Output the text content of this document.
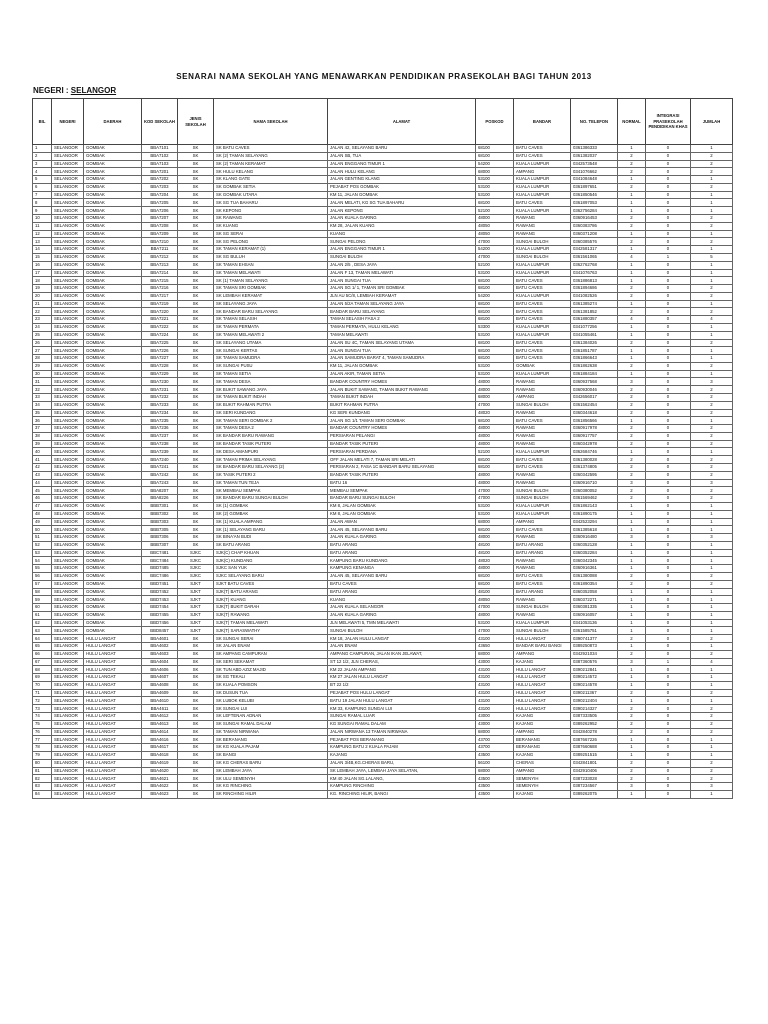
SENARAI NAMA SEKOLAH YANG MENAWARKAN PENDIDIKAN PRASEKOLAH BAGI TAHUN 2013
NEGERI : SELANGOR
BIL	NEGERI	DAERAH	KOD SEKOLAH	JENIS SEKOLAH	NAMA SEKOLAH	ALAMAT	POSKOD	BANDAR	NO. TELEFON	NORMAL	INTEGRASI PRASEKOLAH PENDIDIKAN KHAS	JUMLAH
1	SELANGOR	GOMBAK	BBA7101	SK	SK BATU CAVES	JALAN 42, SELAYANG BARU	68100	BATU CAVES	0361386333	1	0	1
2	SELANGOR	GOMBAK	BBA7102	SK	SK (2) TAMAN SELAYANG	JALAN SB, TUA	68100	BATU CAVES	0361382037	2	0	2
3	SELANGOR	GOMBAK	BBA7103	SK	SK (2) TAMAN KERAMAT	JALAN ENGGANG TIMUR 1	54200	KUALA LUMPUR	0342573548	2	0	2
4	SELANGOR	GOMBAK	BBA7201	SK	SK HULU KELANG	JALAN HULU KELANG	68000	AMPANG	0341076662	2	0	2
5	SELANGOR	GOMBAK	BBA7202	SK	SK KLANG GATE	JALAN GENTING KLANG	53100	KUALA LUMPUR	0341084648	1	0	1
6	SELANGOR	GOMBAK	BBA7203	SK	SK GOMBAK SETIA	PEJABAT POS GOMBAK	53100	KUALA LUMPUR	0361897651	2	0	2
7	SELANGOR	GOMBAK	BBA7204	SK	SK GOMBAK UTARA	KM 11, JALAN GOMBAK	53100	KUALA LUMPUR	0361850546	1	0	1
8	SELANGOR	GOMBAK	BBA7205	SK	SK SG TUA BAHARU	JALAN MELATI, KG SG TUA BAHARU	68100	BATU CAVES	0361897053	1	0	1
9	SELANGOR	GOMBAK	BBA7206	SK	SK KEPONG	JALAN KEPONG	52100	KUALA LUMPUR	0362756284	1	0	1
10	SELANGOR	GOMBAK	BBA7207	SK	SK RAWANG	JALAN KUALA GARING	48000	RAWANG	0360916453	2	0	2
11	SELANGOR	GOMBAK	BBA7208	SK	SK KUANG	KM 28, JALAN KUANG	48050	RAWANG	0360383786	2	0	2
12	SELANGOR	GOMBAK	BBA7209	SK	SK SG SERAI	KUANG	48050	RAWANG	0360371208	1	0	1
13	SELANGOR	GOMBAK	BBA7210	SK	SK SG PELONG	SUNGAI PELONG	47000	SUNGAI BULOH	0360385576	2	0	2
14	SELANGOR	GOMBAK	BBA7211	SK	SK TAMAN KERAMAT (1)	JALAN ENGGANG TIMUR 1	54200	KUALA LUMPUR	0342581317	1	0	1
15	SELANGOR	GOMBAK	BBA7212	SK	SK SG BULUH	SUNGAI BULOH	47000	SUNGAI BULOH	0361561065	4	1	5
16	SELANGOR	GOMBAK	BBA7213	SK	SK TAMAN EHSAN	JALAN 2/5 , DESA JAYA	52100	KUALA LUMPUR	0362762768	1	0	1
17	SELANGOR	GOMBAK	BBA7214	SK	SK TAMAN MELAWATI	JALAN F 13, TAMAN MELAWATI	53100	KUALA LUMPUR	0341076763	1	0	1
18	SELANGOR	GOMBAK	BBA7215	SK	SK (1) TAMAN SELAYANG	JALAN SUNGAI TUA	68100	BATU CAVES	0361886813	1	0	1
19	SELANGOR	GOMBAK	BBA7216	SK	SK TAMAN SRI GOMBAK	JALAN SG 1/ 1, TAMAN SRI GOMBAK	68100	BATU CAVES	0361894686	2	0	2
20	SELANGOR	GOMBAK	BBA7217	SK	SK LEMBAH KERAMAT	JLN AU 5C/8, LEMBAH KERAMAT	54200	KUALA LUMPUR	0341082526	2	0	2
21	SELANGOR	GOMBAK	BBA7219	SK	SK SELAYANG JAYA	JALAN 5/2A TAMAN SELAYANG JAYA	68100	BATU CAVES	0361385274	1	0	1
22	SELANGOR	GOMBAK	BBA7220	SK	SK BANDAR BARU SELAYANG	BANDAR BARU SELAYANG	68100	BATU CAVES	0361381852	2	0	2
23	SELANGOR	GOMBAK	BBA7221	SK	SK TAMAN SELASIH	TAMAN SELASIH FASA 2	68100	BATU CAVES	0361880357	4	0	4
24	SELANGOR	GOMBAK	BBA7222	SK	SK TAMAN PERMATA	TAMAN PERMATA, HULU KELANG	53300	KUALA LUMPUR	0341077256	1	0	1
25	SELANGOR	GOMBAK	BBA7224	SK	SK TAMAN MELAWATI 2	TAMAN MELAWATI	53100	KUALA LUMPUR	0341055461	1	0	1
26	SELANGOR	GOMBAK	BBA7225	SK	SK SELAYANG UTAMA	JALAN SU 4C, TAMAN SELAYANG UTAMA	68100	BATU CAVES	0361384026	2	0	2
27	SELANGOR	GOMBAK	BBA7226	SK	SK SUNGAI KERTAS	JALAN SUNGAI TUA	68100	BATU CAVES	0361851787	1	0	1
28	SELANGOR	GOMBAK	BBA7227	SK	SK TAMAN SAMUDRA	JALAN SAMUDRA BARAT 4, TAMAN SAMUDRA	68100	BATU CAVES	0361866643	1	0	1
29	SELANGOR	GOMBAK	BBA7228	SK	SK SUNGAI PUSU	KM 11, JALAN GOMBAK	53100	GOMBAK	0361862638	2	0	2
30	SELANGOR	GOMBAK	BBA7229	SK	SK TAMAN SETIA	JALAN AKIR, TAMAN SETIA	53100	KUALA LUMPUR	0361884184	1	0	1
31	SELANGOR	GOMBAK	BBA7230	SK	SK TAMAN DESA	BANDAR COUNTRY HOMES	48000	RAWANG	0360937568	3	0	3
32	SELANGOR	GOMBAK	BBA7231	SK	SK BUKIT SAWANG JAYA	JALAN BUKIT SAWANG, TAMAN BUKIT RAWANG	48000	RAWANG	0360930046	2	0	2
33	SELANGOR	GOMBAK	BBA7232	SK	SK TAMAN BUKIT INDAH	TAMAN BUKIT INDAH	68000	AMPANG	0342656017	2	0	2
34	SELANGOR	GOMBAK	BBA7233	SK	SK BUKIT RAHMAN PUTRA	BUKIT RAHMAN PUTRA	47000	SUNGAI BULOH	0361562454	2	0	2
35	SELANGOR	GOMBAK	BBA7234	SK	SK SERI KUNDANG	KG SERI KUNDANG	48020	RAWANG	0360344618	2	0	2
36	SELANGOR	GOMBAK	BBA7235	SK	SK TAMAN SERI GOMBAK 2	JALAN SG 1/1 TAMAN SERI GOMBAK	68100	BATU CAVES	0361856566	1	0	1
37	SELANGOR	GOMBAK	BBA7236	SK	SK TAMAN DESA 2	BANDAR COUNTRY HOMES	48000	RAWANG	0360917978	2	0	2
38	SELANGOR	GOMBAK	BBA7237	SK	SK BANDAR BARU RAWANG	PERSIARAN PELANGI	48000	RAWANG	0360917757	2	0	2
39	SELANGOR	GOMBAK	BBA7238	SK	SK BANDAR TASIK PUTERI	BANDAR TASIK PUTERI	48000	RAWANG	0360342978	2	0	2
40	SELANGOR	GOMBAK	BBA7239	SK	SK DESA AMANPURI	PERSIARAN PERDANA	52100	KUALA LUMPUR	0362684746	1	0	1
41	SELANGOR	GOMBAK	BBA7240	SK	SK TAMAN PRIMA SELAYANG	OFF JALAN MELATI 7, TAMAN SRI MELATI	68100	BATU CAVES	0361380028	2	0	2
42	SELANGOR	GOMBAK	BBA7241	SK	SK BANDAR BARU SELAYANG (2)	PERSIARAN 2, FASA 1C BANDAR BARU SELAYANG	68100	BATU CAVES	0361374805	2	0	2
43	SELANGOR	GOMBAK	BBA7242	SK	SK TASIK PUTERI 2	BANDAR TASIK PUTERI	48000	RAWANG	0360342595	2	0	2
44	SELANGOR	GOMBAK	BBA7243	SK	SK TAMAN TUN TEJA	BATU 16	48000	RAWANG	0360916710	3	0	3
45	SELANGOR	GOMBAK	BBA8207	SK	SK MEMBAU SEMPAK	MEMBAU SEMPAK	47000	SUNGAI BULOH	0360380052	2	0	2
46	SELANGOR	GOMBAK	BBA8226	SK	SK BANDAR BARU SUNGAI BULOH	BANDAR BARU SUNGAI BULOH	47000	SUNGAI BULOH	0361569462	2	0	2
47	SELANGOR	GOMBAK	BBB7301	SK	SK (1) GOMBAK	KM 8, JALAN GOMBAK	53100	KUALA LUMPUR	0361862143	1	0	1
48	SELANGOR	GOMBAK	BBB7302	SK	SK (2) GOMBAK	KM 8, JALAN GOMBAK	53100	KUALA LUMPUR	0361890175	1	0	1
49	SELANGOR	GOMBAK	BBB7303	SK	SK (1) KUALA AMPANG	JALAN AWAN	68000	AMPANG	0342523294	1	0	1
50	SELANGOR	GOMBAK	BBB7305	SK	SK (1) SELAYANG BARU	JALAN 45, SELAYANG BARU	68100	BATU CAVES	0361385618	1	0	1
51	SELANGOR	GOMBAK	BBB7306	SK	SK BINA'AN BUDI	JALAN KUALA GARING	48000	RAWANG	0360916480	3	0	3
52	SELANGOR	GOMBAK	BBB7307	SK	SK BATU ARANG	BATU ARANG	48100	BATU ARANG	0360352128	1	0	1
53	SELANGOR	GOMBAK	BBC7481	SJKC	SJK(C) CHAP KHUAN	BATU ARANG	48100	BATU ARANG	0360352284	1	0	1
54	SELANGOR	GOMBAK	BBC7484	SJKC	SJK(C) KUNDANG	KAMPUNG BARU KUNDANG	48020	RAWANG	0360342345	1	0	1
55	SELANGOR	GOMBAK	BBD7485	SJKC	SJKC SAN YUK	KAMPUNG KENANGA	48000	RAWANG	0360916361	1	0	1
56	SELANGOR	GOMBAK	BBC7486	SJKC	SJKC SELAYANG BARU	JALAN 45, SELAYANG BARU	68100	BATU CAVES	0361380088	2	0	2
57	SELANGOR	GOMBAK	BBD7451	SJKT	SJKT BATU CAVES	BATU CAVES	68100	BATU CAVES	0361890354	2	0	2
58	SELANGOR	GOMBAK	BBD7452	SJKT	SJK(T) BATU ARANG	BATU ARANG	48100	BATU ARANG	0360352058	1	0	1
59	SELANGOR	GOMBAK	BBD7453	SJKT	SJK(T) KUANG	KUANG	48050	RAWANG	0360372271	1	0	1
60	SELANGOR	GOMBAK	BBD7454	SJKT	SJK(T) BUKIT DARAH	JALAN KUALA SELANGOR	47000	SUNGAI BULOH	0360381335	1	0	1
61	SELANGOR	GOMBAK	BBD7455	SJKT	SJK(T) RAWANG	JALAN KUALA GARING	48000	RAWANG	0360916057	1	0	1
62	SELANGOR	GOMBAK	BBD7456	SJKT	SJK(T) TAMAN MELAWATI	JLN MELAWATI 5, TMN MELAWATI	53100	KUALA LUMPUR	0341053136	1	0	1
63	SELANGOR	GOMBAK	BBD8457	SJKT	SJK(T) SARASWATHY	SUNGAI BULOH	47000	SUNGAI BULOH	0361585751	1	0	1
64	SELANGOR	HULU LANGAT	BBA4601	SK	SK SUNGAI SERAI	KM 18, JALAN HULU LANGAT	43100	HULU LANGAT	0390741377	2	0	2
65	SELANGOR	HULU LANGAT	BBA4602	SK	SK JALAN ENAM	JALAN ENAM	43650	BANDAR BARU BANGI	0389250873	1	0	1
66	SELANGOR	HULU LANGAT	BBA4603	SK	SK AMPANG CAMPURAN	AMPANG CAMPURAN, JALAN IKAN JELAWAT,	68000	AMPANG	0342921034	2	0	2
67	SELANGOR	HULU LANGAT	BBA4604	SK	SK SERI SEKAMAT	ST 12 1/2, JLN CHERAS,	43000	KAJANG	0387360576	3	1	4
68	SELANGOR	HULU LANGAT	BBA4606	SK	SK TUN ABD AZIZ MAJID	KM 22 JALAN AMPANG	43100	HULU LANGAT	0390212841	1	0	1
69	SELANGOR	HULU LANGAT	BBA4607	SK	SK SG TEKALI	KM 27 JALAN HULU LANGAT	43100	HULU LANGAT	0390214572	1	0	1
70	SELANGOR	HULU LANGAT	BBA4608	SK	SK KUALA POMSON	BT 22 1/2	43100	HULU LANGAT	0390214578	1	0	1
71	SELANGOR	HULU LANGAT	BBA4609	SK	SK DUSUN TUA	PEJABAT POS HULU LANGAT	43100	HULU LANGAT	0390211367	2	0	2
72	SELANGOR	HULU LANGAT	BBA4610	SK	SK LUBOK KELUBI	BATU 19 JALAN HULU LANGAT	43100	HULU LANGAT	0390212404	1	0	1
73	SELANGOR	HULU LANGAT	BBA4611	SK	SK SUNGAI LUI	KM 33, KAMPUNG SUNGAI LUI	43100	HULU LANGAT	0390214327	2	0	2
74	SELANGOR	HULU LANGAT	BBA4612	SK	SK LEFTENAN ADNAN	SUNGAI RAMAL LUAR	43000	KAJANG	0387333505	2	0	2
75	SELANGOR	HULU LANGAT	BBA4613	SK	SK SUNGAI RAMAL DALAM	KG SUNGAI RAMAL DALAM	43000	KAJANG	0389262952	2	0	2
76	SELANGOR	HULU LANGAT	BBA4614	SK	SK TAMAN NIRWANA	JALAN NIRWANA 13 TAMAN NIRWANA	68000	AMPANG	0342840278	2	0	2
77	SELANGOR	HULU LANGAT	BBA4616	SK	SK BERANANG	PEJABAT POS BERANANG	43700	BERANANG	0387667226	1	0	1
78	SELANGOR	HULU LANGAT	BBA4617	SK	SK KG KUALA PAJAM	KAMPUNG BATU 2 KUALA PAJAM	43700	BERANANG	0387660688	1	0	1
79	SELANGOR	HULU LANGAT	BBA4618	SK	SK BANGI	KAJANG	43500	KAJANG	0389251515	1	0	1
80	SELANGOR	HULU LANGAT	BBA4619	SK	SK KG CHERAS BARU	JALAN 3/4B,KG.CHERAS BARU,	56100	CHERAS	0342841801	2	0	2
81	SELANGOR	HULU LANGAT	BBA4620	SK	SK LEMBAH JAYA	SK LEMBAH JAYA, LEMBAH JAYA SELATAN,	68000	AMPANG	0342910406	2	0	2
82	SELANGOR	HULU LANGAT	BBA4621	SK	SK ULU SEMENYIH	KM 40 JALAN SG.LALANG,	43500	SEMENYIH	0387233028	2	0	2
83	SELANGOR	HULU LANGAT	BBA4622	SK	SK KG RINCHING	KAMPUNG RINCHING	43500	SEMENYIH	0387234567	3	0	3
84	SELANGOR	HULU LANGAT	BBA4623	SK	SK RINCHING HILIR	KG. RINCHING HILIR, BANGI	43500	KAJANG	0389262075	1	0	1
